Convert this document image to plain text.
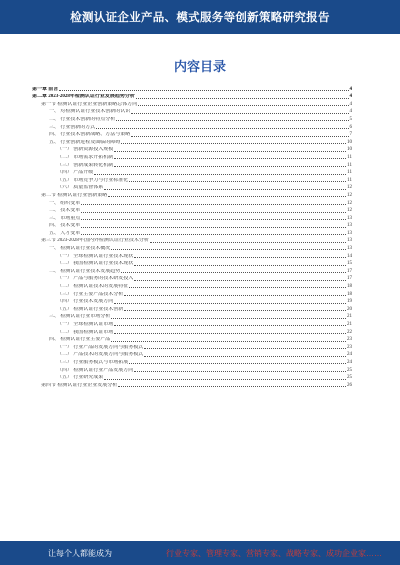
检测认证企业产品、模式服务等创新策略研究报告
内容目录
第一章 前言	4
第二章 2023-2028年检测认证行业发展趋势分析	4
第一节 检测认证行业企业创新策略总体方向	4
一、 对检测认证行业技术创新的认识	4
二、 行业技术创新的特点分析	5
三、 行业创新的方式	6
四、 行业技术创新战略、方法与策略	7
五、 行业创新进程及面临的障碍	10
（一） 创新资源投入规模	10
（二） 市场需求开拓机制	11
（三） 创新成果转化机制	11
（四） 产品升级	11
（五） 市场竞争力与行业标准化	11
（六） 质量监督体系	12
第二节 检测认证行业创新策略	12
一、 组织变革	12
二、 技术变革	12
三、 市场重点	13
四、 技术变革	13
五、 人才变革	13
第三节 2023-2028年国内外检测认证行业技术分析	13
一、 检测认证行业技术概况	13
（一） 全球检测认证行业技术现状	14
（二） 我国检测认证行业技术现状	15
二、 检测认证行业技术发展趋势	17
（一） 产品与服务的技术研发投入	17
（二） 检测认证技术的发展特征	18
（三） 行业主要产品技术分析	18
（四） 行业技术发展方向	19
（五） 检测认证行业技术创新	20
三、 检测认证行业市场分析	21
（一） 全球检测认证市场	21
（二） 我国检测认证市场	22
四、 检测认证行业主要产品	23
（一） 行业产品的发展方向与服务模式	23
（二） 产品技术的发展方向与服务模式	24
（三） 行业服务模式与市场拓展	24
（四） 检测认证行业产品发展方向	25
（五） 行业研究成果	25
第四节 检测认证行业企业发展分析	26
让每个人都能成为	行业专家、管理专家、营销专家、战略专家、成功企业家……
